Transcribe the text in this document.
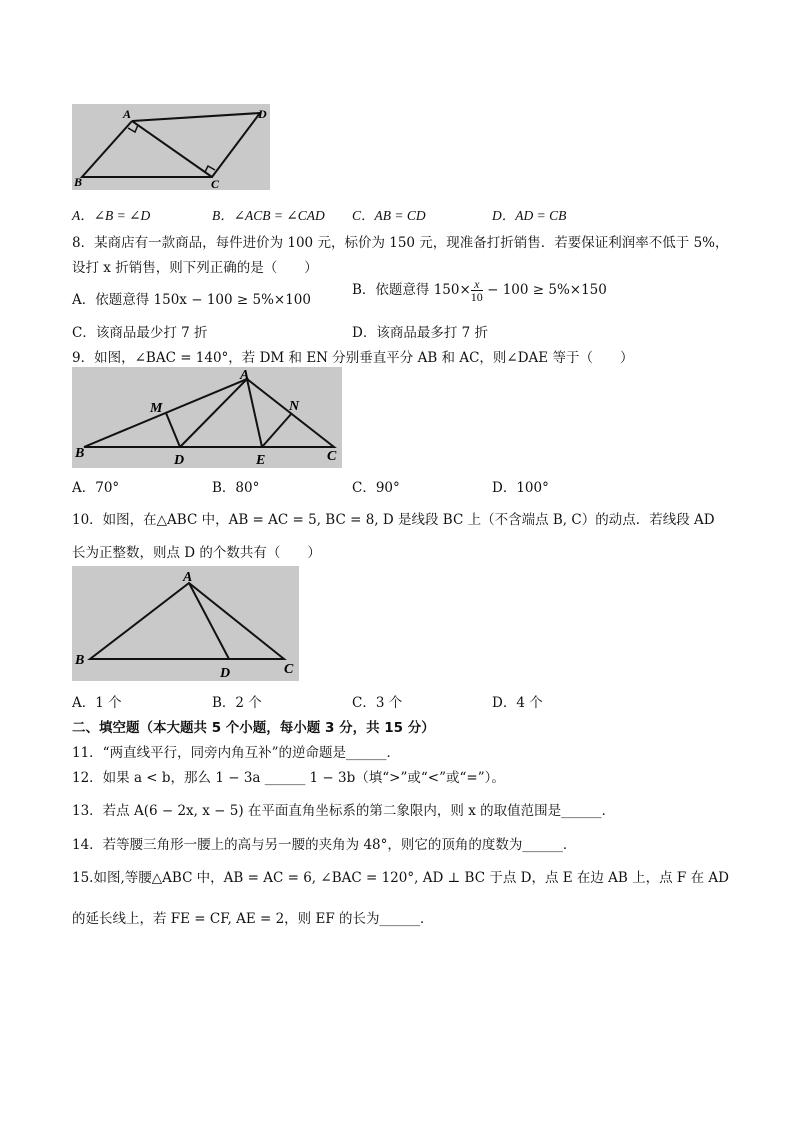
A	D
B	C
A．∠B = ∠D	B．∠ACB = ∠CAD C．AB = CD	D．AD = CB
8．某商店有一款商品，每件进价为 100 元，标价为 150 元，现准备打折销售．若要保证利润率不低于 5%，
设打 x 折销售，则下列正确的是（　　）
A．依题意得 150x − 100 ≥ 5%×100
B．依题意得 $150\times \frac{x}{10} - 100 \ge 5\%\times 150$
C．该商品最少打 7 折	D．该商品最多打 7 折
9．如图，∠BAC = 140°，若 DM 和 EN 分别垂直平分 AB 和 AC，则∠DAE 等于（　　）
A
M	N
B	D	E	C
A．70°	B．80°	C．90°	D．100°
10．如图，在△ABC 中，AB = AC = 5, BC = 8, D 是线段 BC 上（不含端点 B, C）的动点．若线段 AD
长为正整数，则点 D 的个数共有（　　）
A
B
D	C
A．1 个	B．2 个	C．3 个	D．4 个
二、填空题（本大题共 5 个小题，每小题 3 分，共 15 分）
11．“两直线平行，同旁内角互补”的逆命题是______．
12．如果 a < b，那么 1 − 3a ______ 1 − 3b（填“>”或“<”或“=”）。
13．若点 A(6 − 2x, x − 5) 在平面直角坐标系的第二象限内，则 x 的取值范围是______．
14．若等腰三角形一腰上的高与另一腰的夹角为 48°，则它的顶角的度数为______．
15.如图,等腰△ABC 中，AB = AC = 6, ∠BAC = 120°, AD ⊥ BC 于点 D，点 E 在边 AB 上，点 F 在 AD
的延长线上，若 FE = CF, AE = 2，则 EF 的长为______．
